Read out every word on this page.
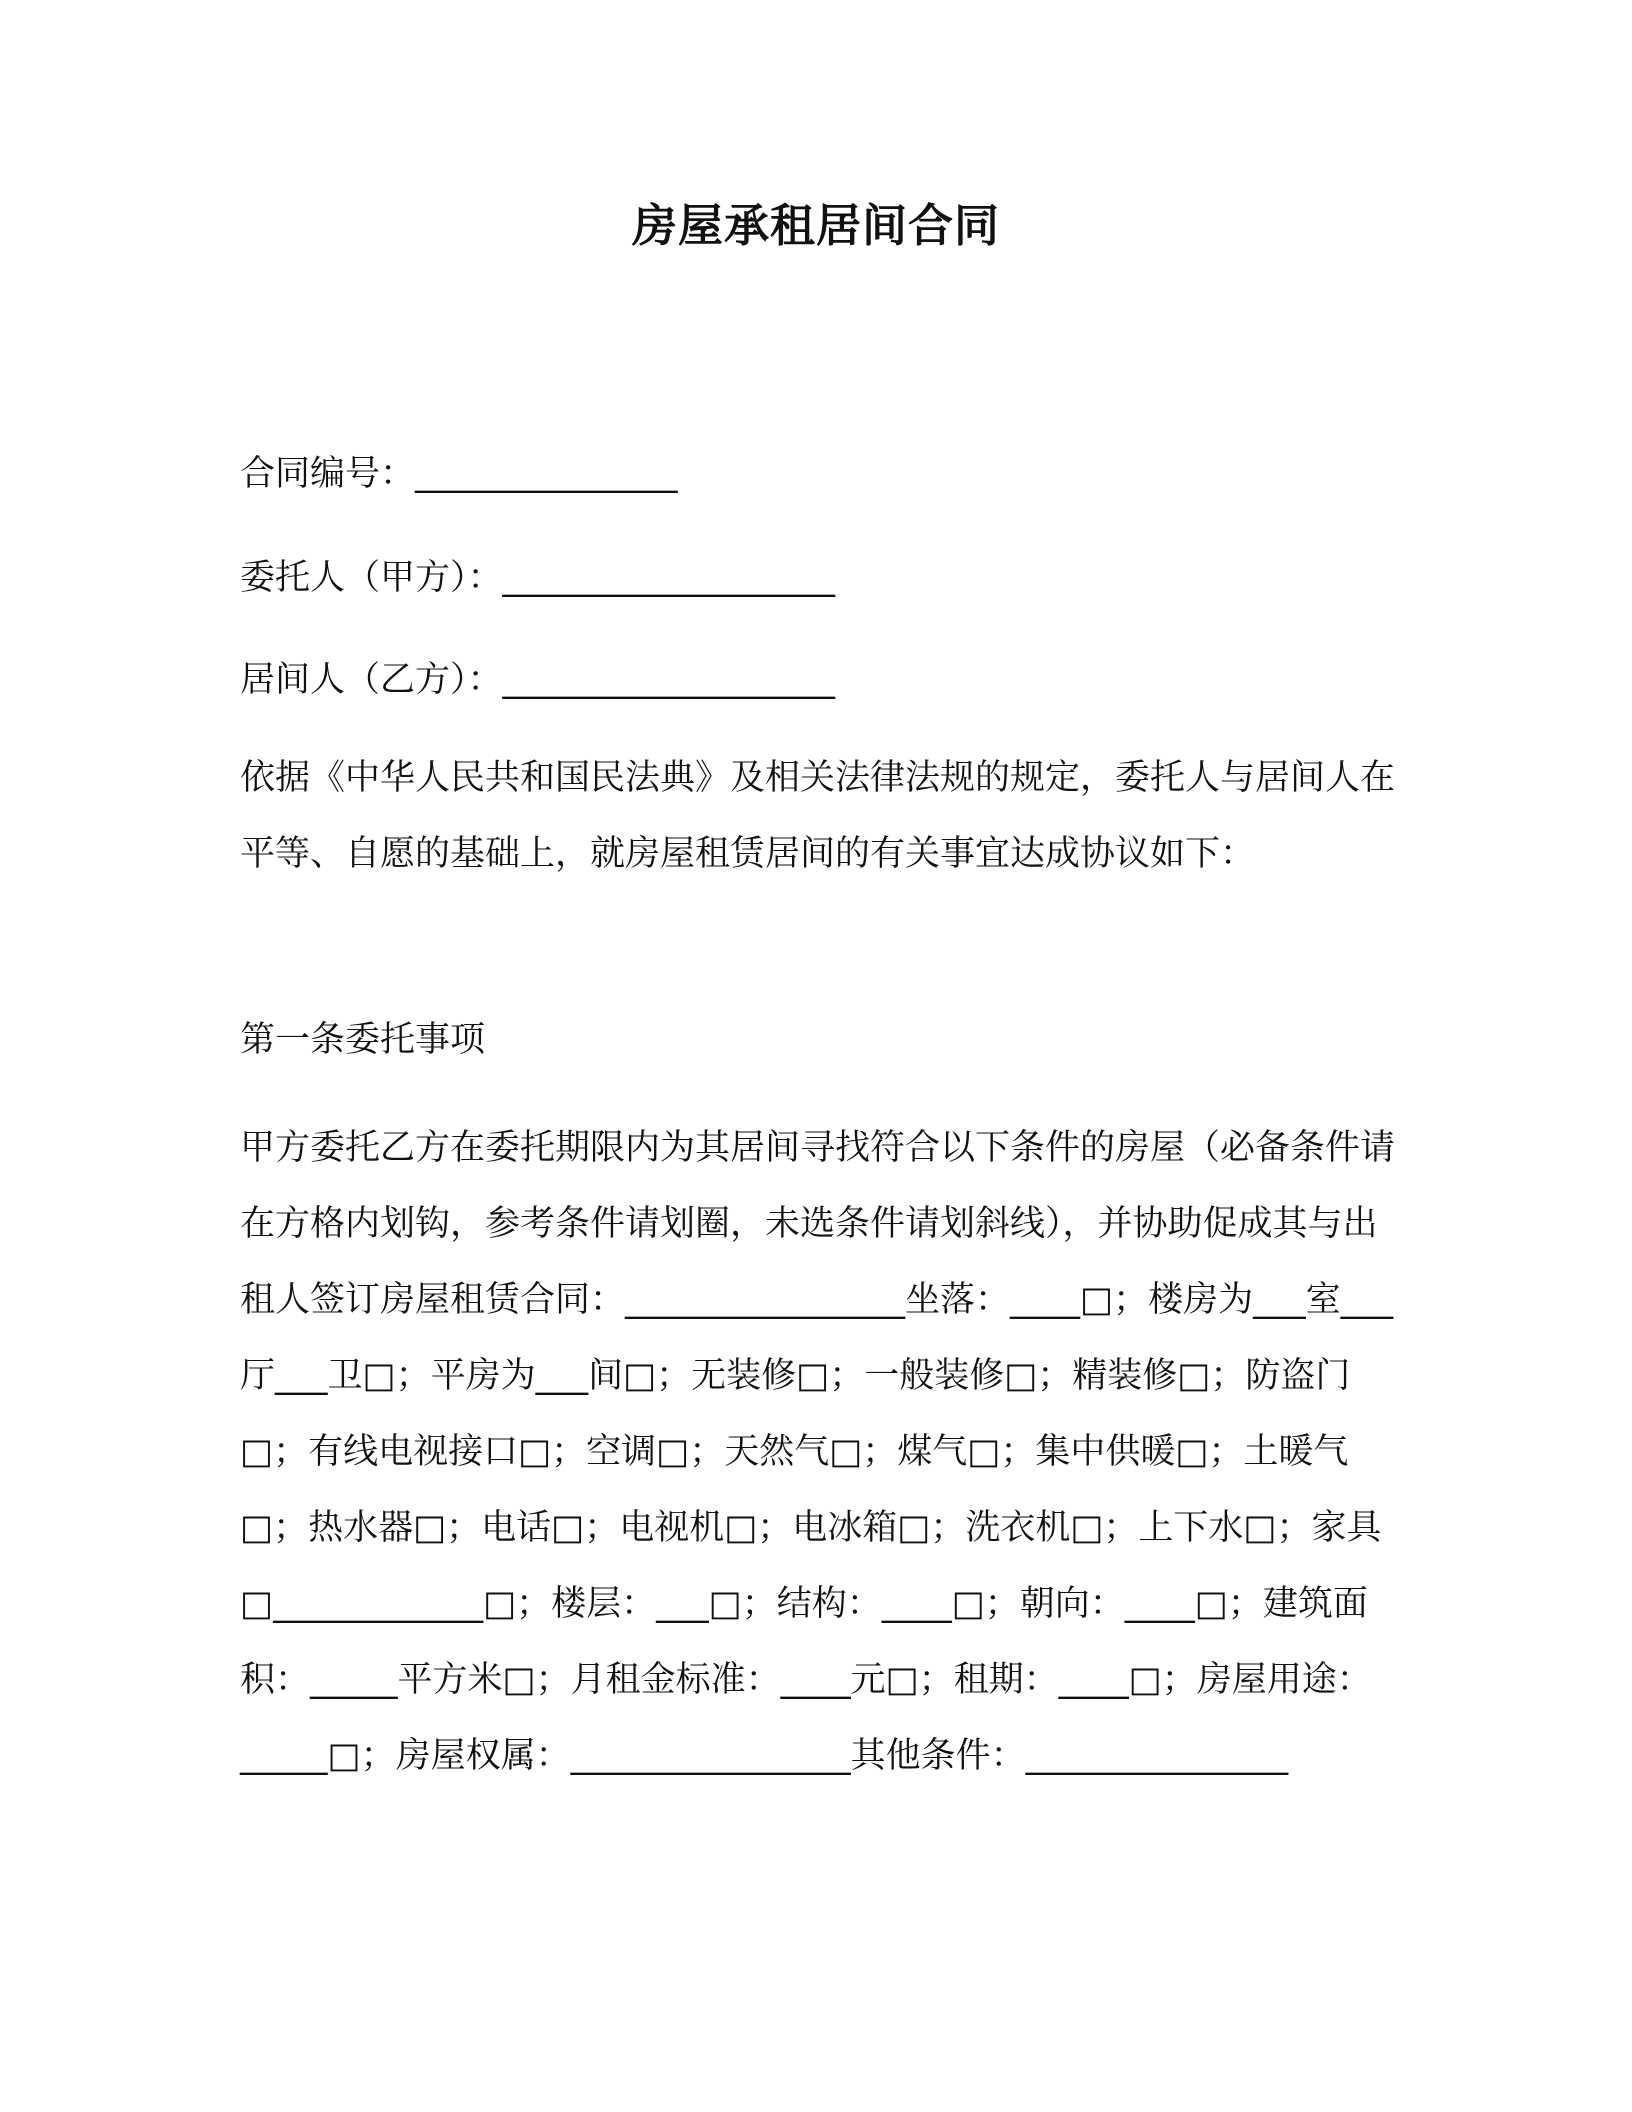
房屋承租居间合同
合同编号：_______________
委托人（甲方）：___________________
居间人（乙方）：___________________

依据《中华人民共和国民法典》及相关法律法规的规定，委托人与居间人在平等、自愿的基础上，就房屋租赁居间的有关事宜达成协议如下：

第一条委托事项

甲方委托乙方在委托期限内为其居间寻找符合以下条件的房屋（必备条件请在方格内划钩，参考条件请划圈，未选条件请划斜线），并协助促成其与出租人签订房屋租赁合同：________________坐落：____□；楼房为___室___厅___卫□；平房为___间□；无装修□；一般装修□；精装修□；防盗门□；有线电视接口□；空调□；天然气□；煤气□；集中供暖□；土暖气□；热水器□；电话□；电视机□；电冰箱□；洗衣机□；上下水□；家具□____________□；楼层：___□；结构：____□；朝向：____□；建筑面积：_____平方米□；月租金标准：____元□；租期：____□；房屋用途：_____□；房屋权属：________________其他条件：_______________
